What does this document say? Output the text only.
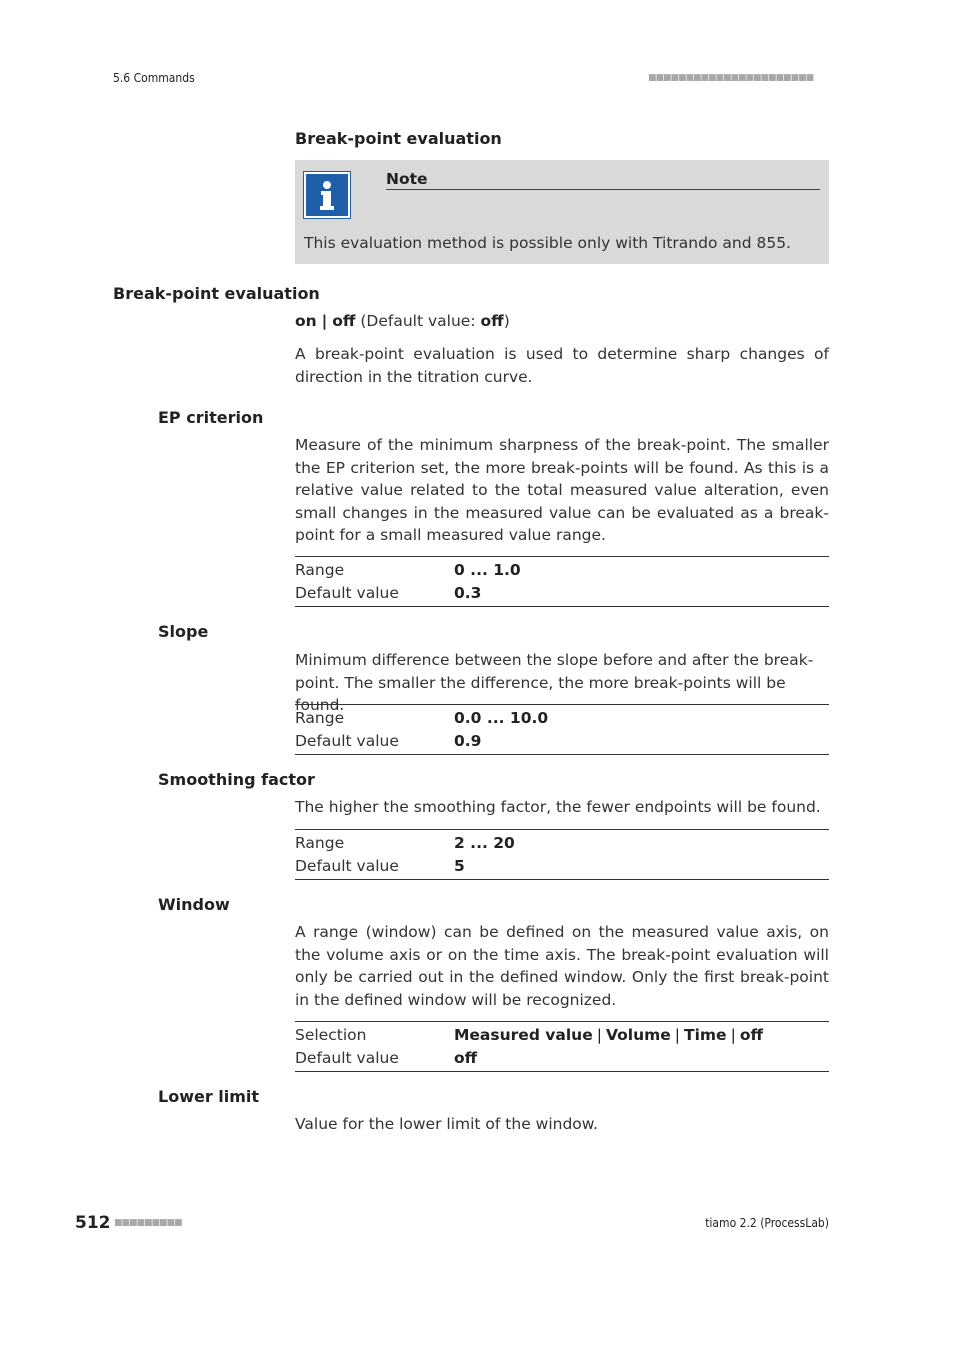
5.6 Commands	■■■■■■■■■■■■■■■■■■■■■■
Break-point evaluation
Note
This evaluation method is possible only with Titrando and 855.
Break-point evaluation
on | off (Default value: off)
A break-point evaluation is used to determine sharp changes of direction in the titration curve.
EP criterion
Measure of the minimum sharpness of the break-point. The smaller the EP criterion set, the more break-points will be found. As this is a relative value related to the total measured value alteration, even small changes in the measured value can be evaluated as a break-point for a small measured value range.
Range	0 ... 1.0
Default value	0.3
Slope
Minimum difference between the slope before and after the break-point. The smaller the difference, the more break-points will be found.
Range	0.0 ... 10.0
Default value	0.9
Smoothing factor
The higher the smoothing factor, the fewer endpoints will be found.
Range	2 ... 20
Default value	5
Window
A range (window) can be defined on the measured value axis, on the volume axis or on the time axis. The break-point evaluation will only be carried out in the defined window. Only the first break-point in the defined window will be recognized.
Selection	Measured value | Volume | Time | off
Default value	off
Lower limit
Value for the lower limit of the window.
512 ■■■■■■■■■	tiamo 2.2 (ProcessLab)
